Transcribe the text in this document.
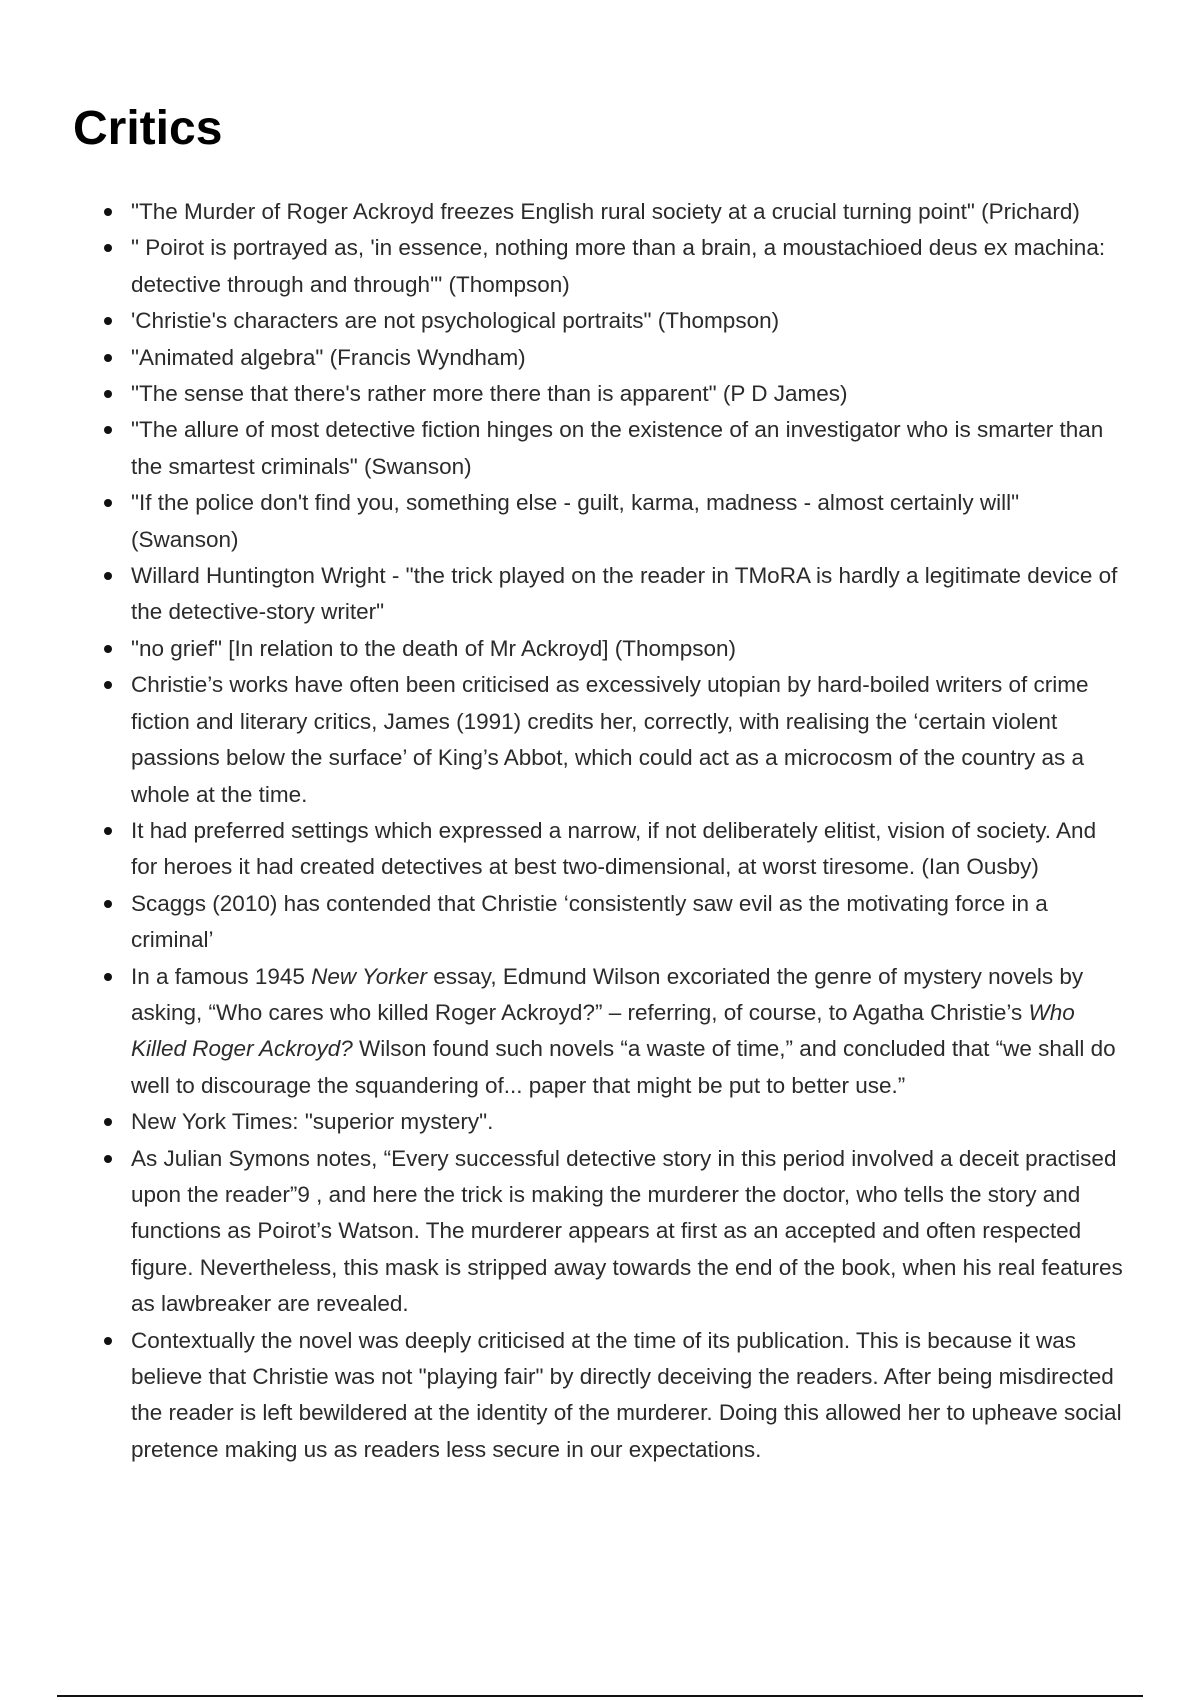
Critics
"The Murder of Roger Ackroyd freezes English rural society at a crucial turning point" (Prichard)
" Poirot is portrayed as, 'in essence, nothing more than a brain, a moustachioed deus ex machina: detective through and through'" (Thompson)
'Christie's characters are not psychological portraits" (Thompson)
"Animated algebra" (Francis Wyndham)
"The sense that there's rather more there than is apparent" (P D James)
"The allure of most detective fiction hinges on the existence of an investigator who is smarter than the smartest criminals" (Swanson)
"If the police don't find you, something else - guilt, karma, madness - almost certainly will" (Swanson)
Willard Huntington Wright - "the trick played on the reader in TMoRA is hardly a legitimate device of the detective-story writer"
"no grief" [In relation to the death of Mr Ackroyd] (Thompson)
Christie’s works have often been criticised as excessively utopian by hard-boiled writers of crime fiction and literary critics, James (1991) credits her, correctly, with realising the ‘certain violent passions below the surface’ of King’s Abbot, which could act as a microcosm of the country as a whole at the time.
It had preferred settings which expressed a narrow, if not deliberately elitist, vision of society. And for heroes it had created detectives at best two-dimensional, at worst tiresome. (Ian Ousby)
Scaggs (2010) has contended that Christie ‘consistently saw evil as the motivating force in a criminal’
In a famous 1945 New Yorker essay, Edmund Wilson excoriated the genre of mystery novels by asking, “Who cares who killed Roger Ackroyd?” – referring, of course, to Agatha Christie’s Who Killed Roger Ackroyd? Wilson found such novels “a waste of time,” and concluded that “we shall do well to discourage the squandering of... paper that might be put to better use.”
New York Times: "superior mystery".
As Julian Symons notes, “Every successful detective story in this period involved a deceit practised upon the reader”9 , and here the trick is making the murderer the doctor, who tells the story and functions as Poirot’s Watson. The murderer appears at first as an accepted and often respected figure. Nevertheless, this mask is stripped away towards the end of the book, when his real features as lawbreaker are revealed.
Contextually the novel was deeply criticised at the time of its publication. This is because it was believe that Christie was not "playing fair" by directly deceiving the readers. After being misdirected the reader is left bewildered at the identity of the murderer. Doing this allowed her to upheave social pretence making us as readers less secure in our expectations.
